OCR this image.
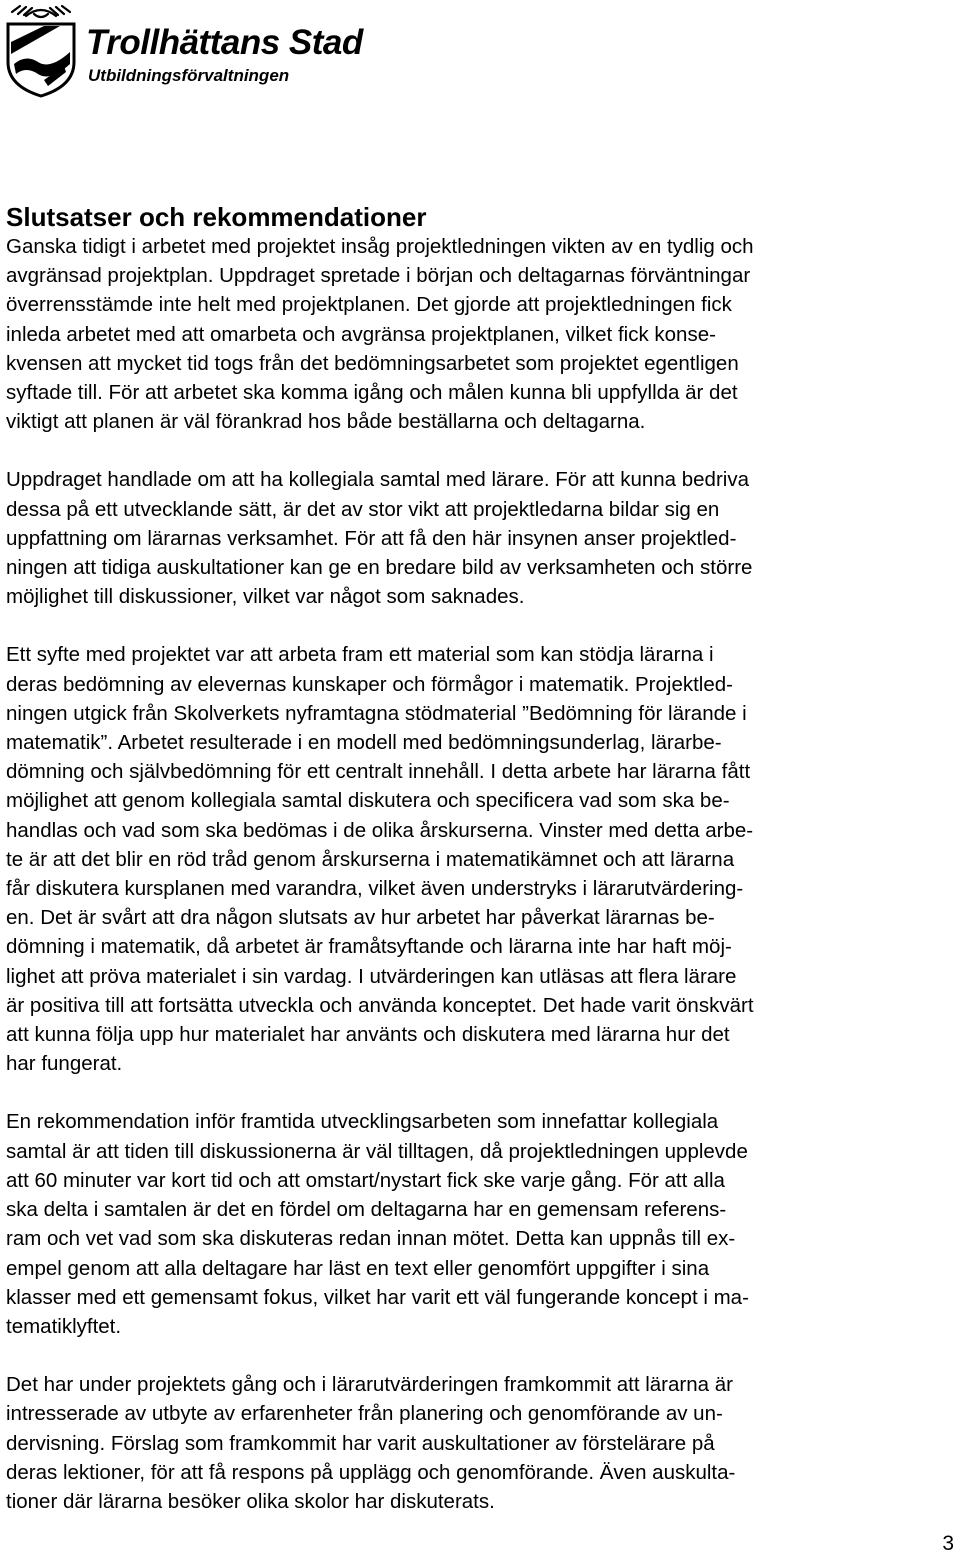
Trollhättans Stad
Utbildningsförvaltningen
Slutsatser och rekommendationer
Ganska tidigt i arbetet med projektet insåg projektledningen vikten av en tydlig och
avgränsad projektplan. Uppdraget spretade i början och deltagarnas förväntningar
överrensstämde inte helt med projektplanen. Det gjorde att projektledningen fick
inleda arbetet med att omarbeta och avgränsa projektplanen, vilket fick konse-
kvensen att mycket tid togs från det bedömningsarbetet som projektet egentligen
syftade till. För att arbetet ska komma igång och målen kunna bli uppfyllda är det
viktigt att planen är väl förankrad hos både beställarna och deltagarna.
Uppdraget handlade om att ha kollegiala samtal med lärare. För att kunna bedriva
dessa på ett utvecklande sätt, är det av stor vikt att projektledarna bildar sig en
uppfattning om lärarnas verksamhet. För att få den här insynen anser projektled-
ningen att tidiga auskultationer kan ge en bredare bild av verksamheten och större
möjlighet till diskussioner, vilket var något som saknades.
Ett syfte med projektet var att arbeta fram ett material som kan stödja lärarna i
deras bedömning av elevernas kunskaper och förmågor i matematik. Projektled-
ningen utgick från Skolverkets nyframtagna stödmaterial ”Bedömning för lärande i
matematik”. Arbetet resulterade i en modell med bedömningsunderlag, lärarbe-
dömning och självbedömning för ett centralt innehåll. I detta arbete har lärarna fått
möjlighet att genom kollegiala samtal diskutera och specificera vad som ska be-
handlas och vad som ska bedömas i de olika årskurserna. Vinster med detta arbe-
te är att det blir en röd tråd genom årskurserna i matematikämnet och att lärarna
får diskutera kursplanen med varandra, vilket även understryks i lärarutvärdering-
en. Det är svårt att dra någon slutsats av hur arbetet har påverkat lärarnas be-
dömning i matematik, då arbetet är framåtsyftande och lärarna inte har haft möj-
lighet att pröva materialet i sin vardag. I utvärderingen kan utläsas att flera lärare
är positiva till att fortsätta utveckla och använda konceptet. Det hade varit önskvärt
att kunna följa upp hur materialet har använts och diskutera med lärarna hur det
har fungerat.
En rekommendation inför framtida utvecklingsarbeten som innefattar kollegiala
samtal är att tiden till diskussionerna är väl tilltagen, då projektledningen upplevde
att 60 minuter var kort tid och att omstart/nystart fick ske varje gång. För att alla
ska delta i samtalen är det en fördel om deltagarna har en gemensam referens-
ram och vet vad som ska diskuteras redan innan mötet. Detta kan uppnås till ex-
empel genom att alla deltagare har läst en text eller genomfört uppgifter i sina
klasser med ett gemensamt fokus, vilket har varit ett väl fungerande koncept i ma-
tematiklyftet.
Det har under projektets gång och i lärarutvärderingen framkommit att lärarna är
intresserade av utbyte av erfarenheter från planering och genomförande av un-
dervisning. Förslag som framkommit har varit auskultationer av förstelärare på
deras lektioner, för att få respons på upplägg och genomförande. Även auskulta-
tioner där lärarna besöker olika skolor har diskuterats.
3
